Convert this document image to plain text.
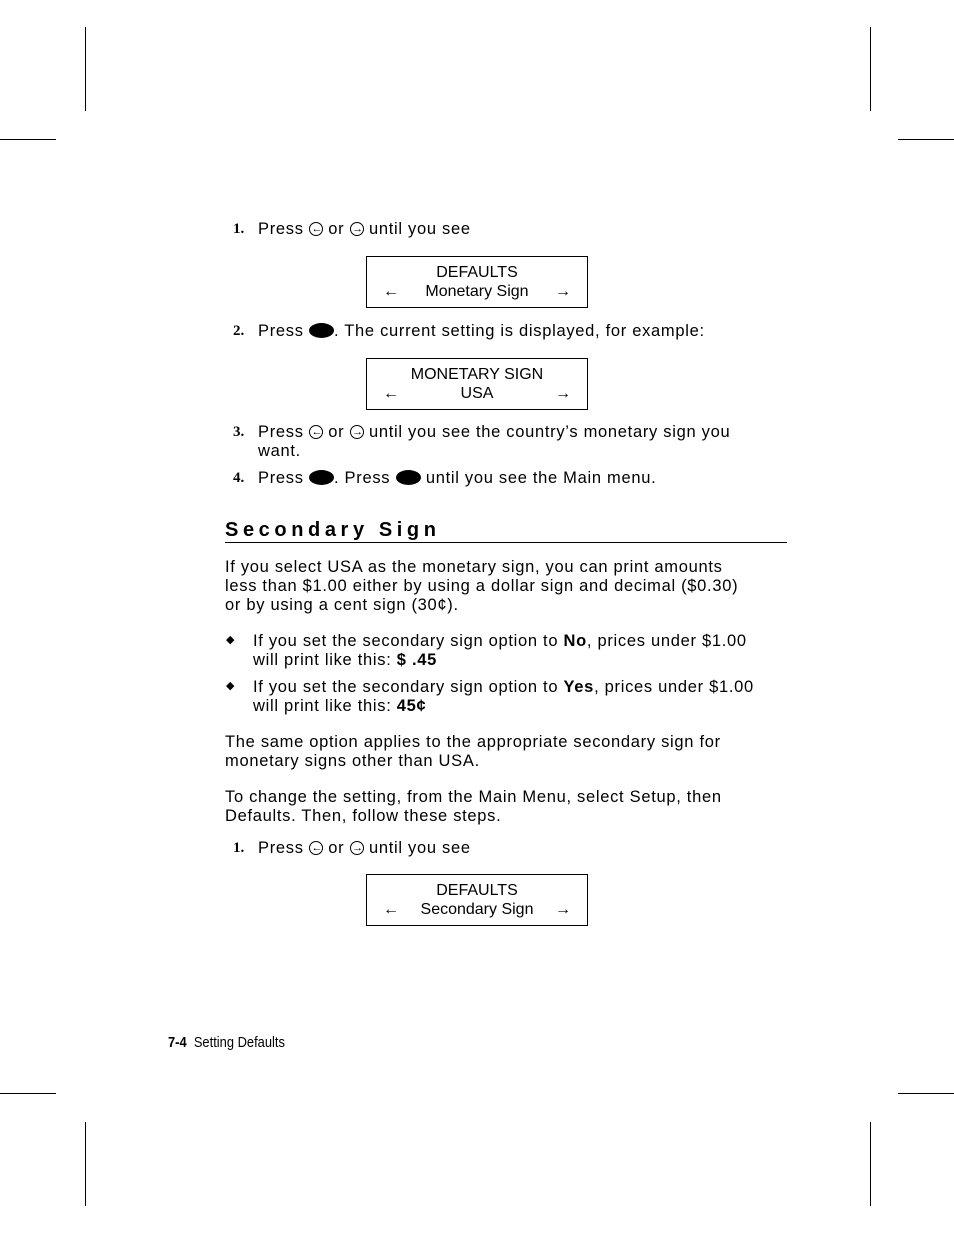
1. Press ← or → until you see
DEFAULTS
←	Monetary Sign	→
2. Press . The current setting is displayed, for example:
MONETARY SIGN
←	USA	→
3. Press ← or → until you see the country’s monetary sign you
want.
4. Press . Press until you see the Main menu.
Secondary Sign
If you select USA as the monetary sign, you can print amounts
less than $1.00 either by using a dollar sign and decimal ($0.30)
or by using a cent sign (30¢).
◆ If you set the secondary sign option to No, prices under $1.00
will print like this: $ .45
◆ If you set the secondary sign option to Yes, prices under $1.00
will print like this: 45¢
The same option applies to the appropriate secondary sign for
monetary signs other than USA.
To change the setting, from the Main Menu, select Setup, then
Defaults. Then, follow these steps.
1. Press ← or → until you see
DEFAULTS
←	Secondary Sign	→
7-4 Setting Defaults
